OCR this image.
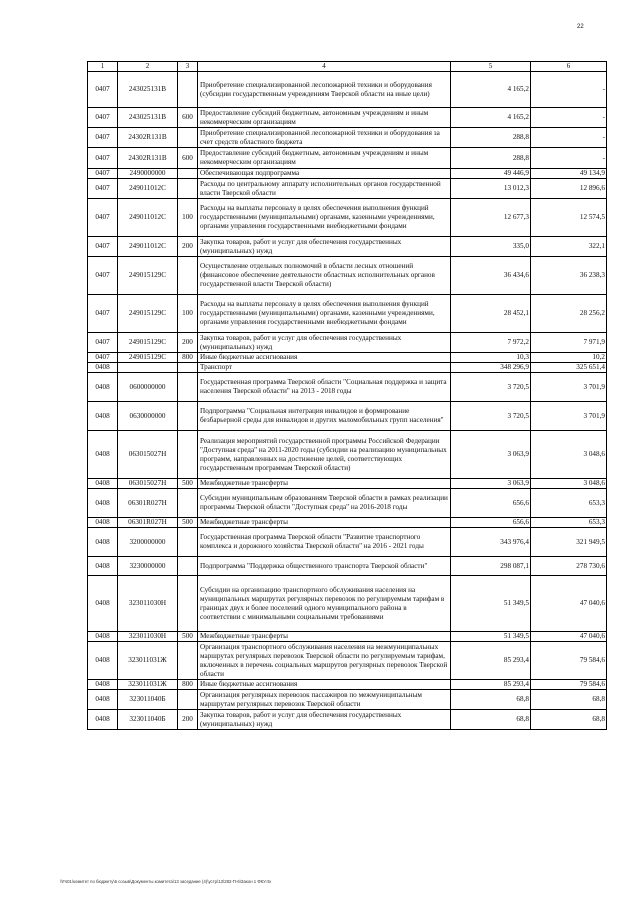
22
1	2	3	4	5	6
0407	243025131В		Приобретение специализированной лесопожарной техники и оборудования (субсидии государственным учреждениям Тверской области на иные цели)	4 165,2	-
0407	243025131В	600	Предоставление субсидий бюджетным, автономным учреждениям и иным некоммерческим организациям	4 165,2	-
0407	24302R131В		Приобретение специализированной лесопожарной техники и оборудования за счет средств областного бюджета	288,8	-
0407	24302R131В	600	Предоставление субсидий бюджетным, автономным учреждениям и иным некоммерческим организациям	288,8	-
0407	2490000000		Обеспечивающая подпрограмма	49 446,9	49 134,9
0407	249011012С		Расходы по центральному аппарату исполнительных органов государственной власти Тверской области	13 012,3	12 896,6
0407	249011012С	100	Расходы на выплаты персоналу в целях обеспечения выполнения функций государственными (муниципальными) органами, казенными учреждениями, органами управления государственными внебюджетными фондами	12 677,3	12 574,5
0407	249011012С	200	Закупка товаров, работ и услуг для обеспечения государственных (муниципальных) нужд	335,0	322,1
0407	249015129С		Осуществление отдельных полномочий в области лесных отношений (финансовое обеспечение деятельности областных исполнительных органов государственной власти Тверской области)	36 434,6	36 238,3
0407	249015129С	100	Расходы на выплаты персоналу в целях обеспечения выполнения функций государственными (муниципальными) органами, казенными учреждениями, органами управления государственными внебюджетными фондами	28 452,1	28 256,2
0407	249015129С	200	Закупка товаров, работ и услуг для обеспечения государственных (муниципальных) нужд	7 972,2	7 971,9
0407	249015129С	800	Иные бюджетные ассигнования	10,3	10,2
0408			Транспорт	348 296,9	325 651,4
0408	0600000000		Государственная программа Тверской области "Социальная поддержка и защита населения Тверской области" на 2013 - 2018 годы	3 720,5	3 701,9
0408	0630000000		Подпрограмма "Социальная интеграция инвалидов и формирование безбарьерной среды для инвалидов и других маломобильных групп населения"	3 720,5	3 701,9
0408	063015027Н		Реализация мероприятий государственной программы Российской Федерации "Доступная среда" на 2011-2020 годы (субсидии на реализацию муниципальных программ, направленных на достижение целей, соответствующих государственным программам Тверской области)	3 063,9	3 048,6
0408	063015027Н	500	Межбюджетные трансферты	3 063,9	3 048,6
0408	06301R027Н		Субсидии муниципальным образованиям Тверской области в рамках реализации программы Тверской области "Доступная среда" на 2016-2018 годы	656,6	653,3
0408	06301R027Н	500	Межбюджетные трансферты	656,6	653,3
0408	3200000000		Государственная программа Тверской области "Развитие транспортного комплекса и дорожного хозяйства Тверской области" на 2016 - 2021 годы	343 976,4	321 949,5
0408	3230000000		Подпрограмма "Поддержка общественного транспорта Тверской области"	298 087,1	278 730,6
0408	323011030Н		Субсидии на организацию транспортного обслуживания населения на муниципальных маршрутах регулярных перевозок по регулируемым тарифам в границах двух и более поселений одного муниципального района в соответствии с минимальными социальными требованиями	51 349,5	47 040,6
0408	323011030Н	500	Межбюджетные трансферты	51 349,5	47 040,6
0408	323011031Ж		Организация транспортного обслуживания населения на межмуниципальных маршрутах регулярных перевозок Тверской области по регулируемым тарифам, включенных в перечень социальных маршрутов регулярных перевозок Тверской области	85 293,4	79 584,6
0408	323011031Ж	800	Иные бюджетные ассигнования	85 293,4	79 584,6
0408	323011040Б		Организация регулярных перевозок пассажиров по межмуниципальным маршрутам регулярных перевозок Тверской области	68,8	68,8
0408	323011040Б	200	Закупка товаров, работ и услуг для обеспечения государственных (муниципальных) нужд	68,8	68,8
\\Fs01\комитет по бюджету\6 созыв\Документы комитета\13 заседание (4)\устр\13\282-П-6\Закон 1 ФКУ.rtx
